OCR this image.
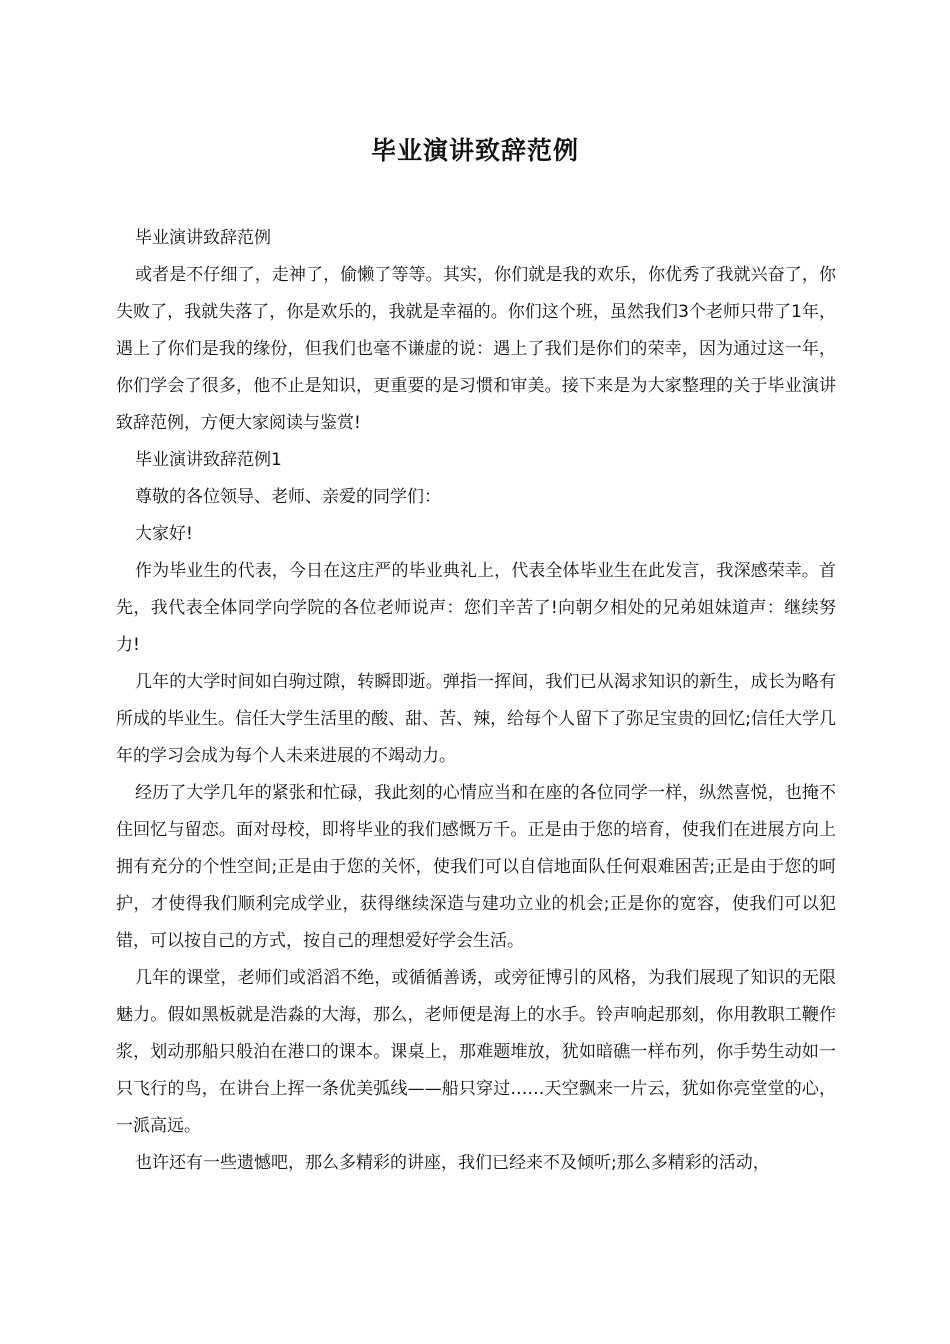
毕业演讲致辞范例

毕业演讲致辞范例

或者是不仔细了，走神了，偷懒了等等。其实，你们就是我的欢乐，你优秀了我就兴奋了，你失败了，我就失落了，你是欢乐的，我就是幸福的。你们这个班，虽然我们3个老师只带了1年，遇上了你们是我的缘份，但我们也毫不谦虚的说：遇上了我们是你们的荣幸，因为通过这一年，你们学会了很多，他不止是知识，更重要的是习惯和审美。接下来是为大家整理的关于毕业演讲致辞范例，方便大家阅读与鉴赏!

毕业演讲致辞范例1

尊敬的各位领导、老师、亲爱的同学们：

大家好!

作为毕业生的代表，今日在这庄严的毕业典礼上，代表全体毕业生在此发言，我深感荣幸。首先，我代表全体同学向学院的各位老师说声：您们辛苦了!向朝夕相处的兄弟姐妹道声：继续努力!

几年的大学时间如白驹过隙，转瞬即逝。弹指一挥间，我们已从渴求知识的新生，成长为略有所成的毕业生。信任大学生活里的酸、甜、苦、辣，给每个人留下了弥足宝贵的回忆;信任大学几年的学习会成为每个人未来进展的不竭动力。

经历了大学几年的紧张和忙碌，我此刻的心情应当和在座的各位同学一样，纵然喜悦，也掩不住回忆与留恋。面对母校，即将毕业的我们感慨万千。正是由于您的培育，使我们在进展方向上拥有充分的个性空间;正是由于您的关怀，使我们可以自信地面队任何艰难困苦;正是由于您的呵护，才使得我们顺利完成学业，获得继续深造与建功立业的机会;正是你的宽容，使我们可以犯错，可以按自己的方式，按自己的理想爱好学会生活。

几年的课堂，老师们或滔滔不绝，或循循善诱，或旁征博引的风格，为我们展现了知识的无限魅力。假如黑板就是浩淼的大海，那么，老师便是海上的水手。铃声响起那刻，你用教职工鞭作浆，划动那船只般泊在港口的课本。课桌上，那难题堆放，犹如暗礁一样布列，你手势生动如一只飞行的鸟，在讲台上挥一条优美弧线——船只穿过……天空飘来一片云，犹如你亮堂堂的心，一派高远。

也许还有一些遗憾吧，那么多精彩的讲座，我们已经来不及倾听;那么多精彩的活动，
